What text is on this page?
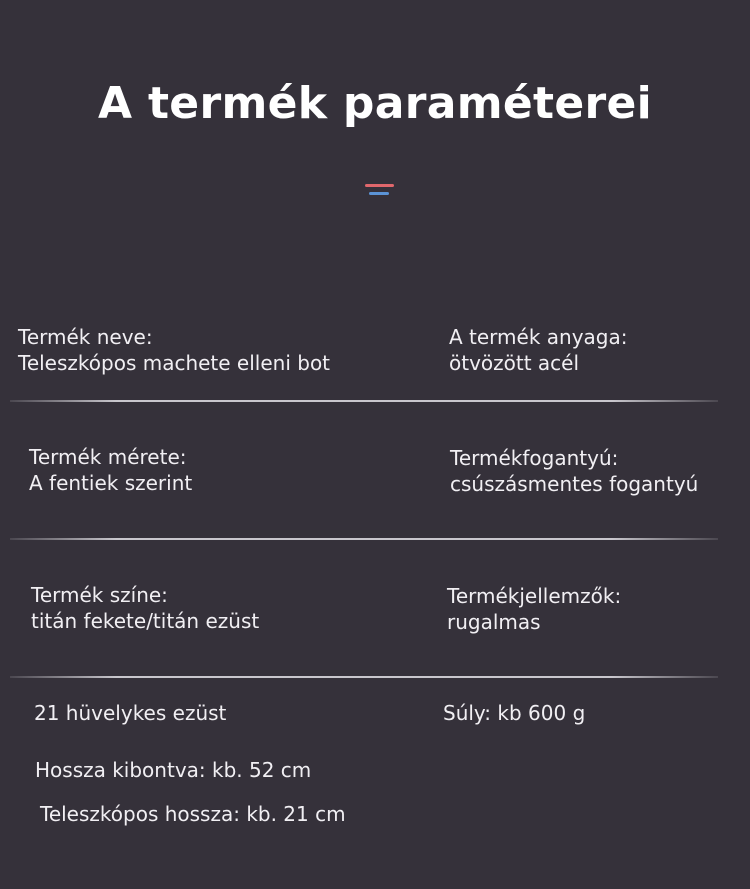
A termék paraméterei
Termék neve:
Teleszkópos machete elleni bot
A termék anyaga:
ötvözött acél
Termék mérete:
A fentiek szerint
Termékfogantyú:
csúszásmentes fogantyú
Termék színe:
titán fekete/titán ezüst
Termékjellemzők:
rugalmas
21 hüvelykes ezüst	Súly: kb 600 g
Hossza kibontva: kb. 52 cm
Teleszkópos hossza: kb. 21 cm
